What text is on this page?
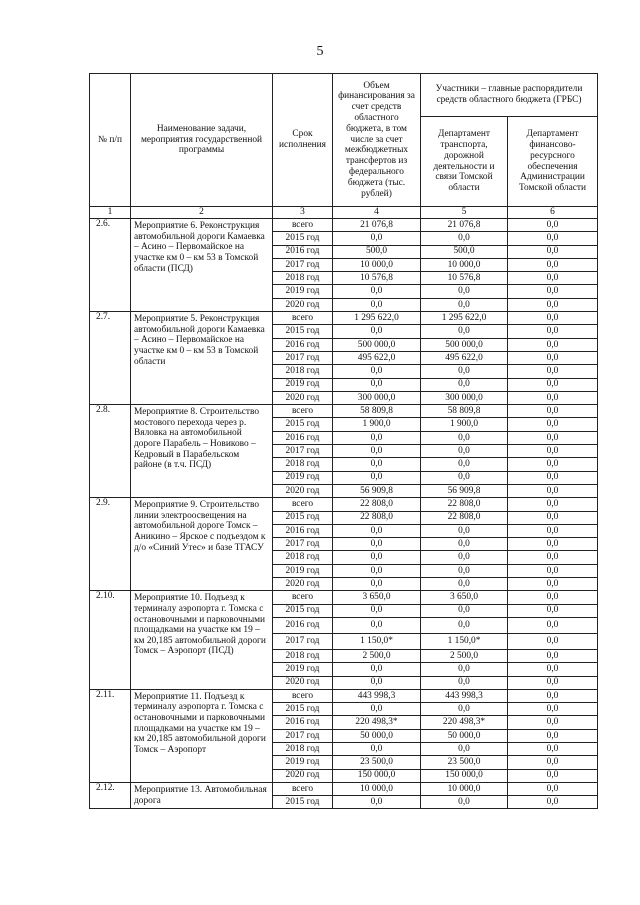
5
№ п/п	Наименование задачи, мероприятия государственной программы	Срок исполнения	Объем финансирования за счет средств областного бюджета, в том числе за счет межбюджетных трансфертов из федерального бюджета (тыс. рублей)	Участники – главные распорядители средств областного бюджета (ГРБС)	
				Департамент транспорта, дорожной деятельности и связи Томской области	Департамент финансово-ресурсного обеспечения Администрации Томской области
1	2	3	4	5	6
2.6.	Мероприятие 6. Реконструкция автомобильной дороги Камаевка – Асино – Первомайское на участке км 0 – км 53 в Томской области (ПСД)	всего	21 076,8	21 076,8	0,0
		2015 год	0,0	0,0	0,0
		2016 год	500,0	500,0	0,0
		2017 год	10 000,0	10 000,0	0,0
		2018 год	10 576,8	10 576,8	0,0
		2019 год	0,0	0,0	0,0
		2020 год	0,0	0,0	0,0
2.7.	Мероприятие 5. Реконструкция автомобильной дороги Камаевка – Асино – Первомайское на участке км 0 – км 53 в Томской области	всего	1 295 622,0	1 295 622,0	0,0
		2015 год	0,0	0,0	0,0
		2016 год	500 000,0	500 000,0	0,0
		2017 год	495 622,0	495 622,0	0,0
		2018 год	0,0	0,0	0,0
		2019 год	0,0	0,0	0,0
		2020 год	300 000,0	300 000,0	0,0
2.8.	Мероприятие 8. Строительство мостового перехода через р. Вяловка на автомобильной дороге Парабель – Новиково – Кедровый в Парабельском районе (в т.ч. ПСД)	всего	58 809,8	58 809,8	0,0
		2015 год	1 900,0	1 900,0	0,0
		2016 год	0,0	0,0	0,0
		2017 год	0,0	0,0	0,0
		2018 год	0,0	0,0	0,0
		2019 год	0,0	0,0	0,0
		2020 год	56 909,8	56 909,8	0,0
2.9.	Мероприятие 9. Строительство линии электроосвещения на автомобильной дороге Томск – Аникино – Ярское с подъездом к д/о «Синий Утес» и базе ТГАСУ	всего	22 808,0	22 808,0	0,0
		2015 год	22 808,0	22 808,0	0,0
		2016 год	0,0	0,0	0,0
		2017 год	0,0	0,0	0,0
		2018 год	0,0	0,0	0,0
		2019 год	0,0	0,0	0,0
		2020 год	0,0	0,0	0,0
2.10.	Мероприятие 10. Подъезд к терминалу аэропорта г. Томска с остановочными и парковочными площадками на участке км 19 – км 20,185 автомобильной дороги Томск – Аэропорт (ПСД)	всего	3 650,0	3 650,0	0,0
		2015 год	0,0	0,0	0,0
		2016 год	0,0	0,0	0,0
		2017 год	1 150,0*	1 150,0*	0,0
		2018 год	2 500,0	2 500,0	0,0
		2019 год	0,0	0,0	0,0
		2020 год	0,0	0,0	0,0
2.11.	Мероприятие 11. Подъезд к терминалу аэропорта г. Томска с остановочными и парковочными площадками на участке км 19 – км 20,185 автомобильной дороги Томск – Аэропорт	всего	443 998,3	443 998,3	0,0
		2015 год	0,0	0,0	0,0
		2016 год	220 498,3*	220 498,3*	0,0
		2017 год	50 000,0	50 000,0	0,0
		2018 год	0,0	0,0	0,0
		2019 год	23 500,0	23 500,0	0,0
		2020 год	150 000,0	150 000,0	0,0
2.12.	Мероприятие 13. Автомобильная дорога	всего	10 000,0	10 000,0	0,0
		2015 год	0,0	0,0	0,0
